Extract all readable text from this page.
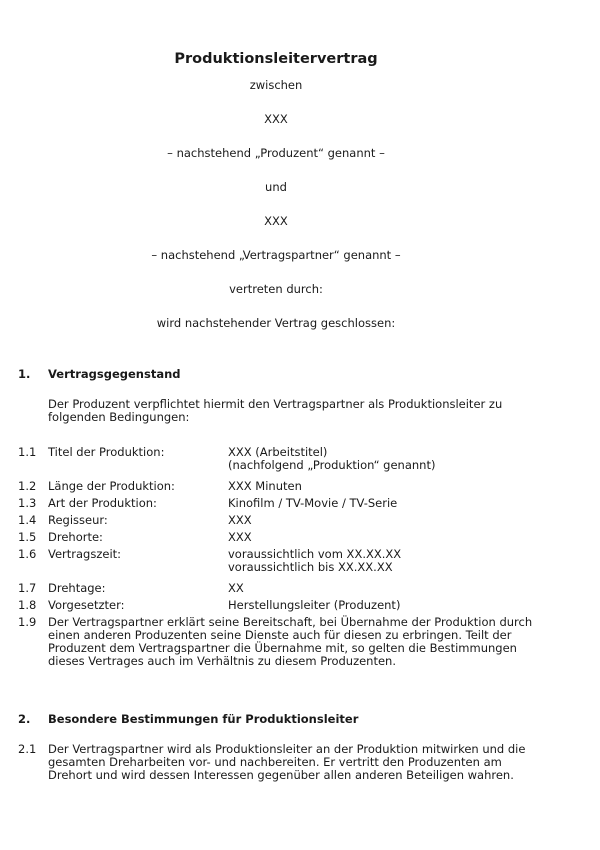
Produktionsleitervertrag
zwischen
XXX
– nachstehend „Produzent“ genannt –
und
XXX
– nachstehend „Vertragspartner“ genannt –
vertreten durch:
wird nachstehender Vertrag geschlossen:
1. Vertragsgegenstand
Der Produzent verpflichtet hiermit den Vertragspartner als Produktionsleiter zu
folgenden Bedingungen:
1.1 Titel der Produktion:	XXX (Arbeitstitel)
(nachfolgend „Produktion“ genannt)
1.2 Länge der Produktion:	XXX Minuten
1.3 Art der Produktion:	Kinofilm / TV-Movie / TV-Serie
1.4 Regisseur:	XXX
1.5 Drehorte:	XXX
1.6 Vertragszeit:	voraussichtlich vom XX.XX.XX
voraussichtlich bis XX.XX.XX
1.7 Drehtage:	XX
1.8 Vorgesetzter:	Herstellungsleiter (Produzent)
1.9 Der Vertragspartner erklärt seine Bereitschaft, bei Übernahme der Produktion durch
einen anderen Produzenten seine Dienste auch für diesen zu erbringen. Teilt der
Produzent dem Vertragspartner die Übernahme mit, so gelten die Bestimmungen
dieses Vertrages auch im Verhältnis zu diesem Produzenten.
2. Besondere Bestimmungen für Produktionsleiter
2.1 Der Vertragspartner wird als Produktionsleiter an der Produktion mitwirken und die
gesamten Dreharbeiten vor- und nachbereiten. Er vertritt den Produzenten am
Drehort und wird dessen Interessen gegenüber allen anderen Beteiligen wahren.
